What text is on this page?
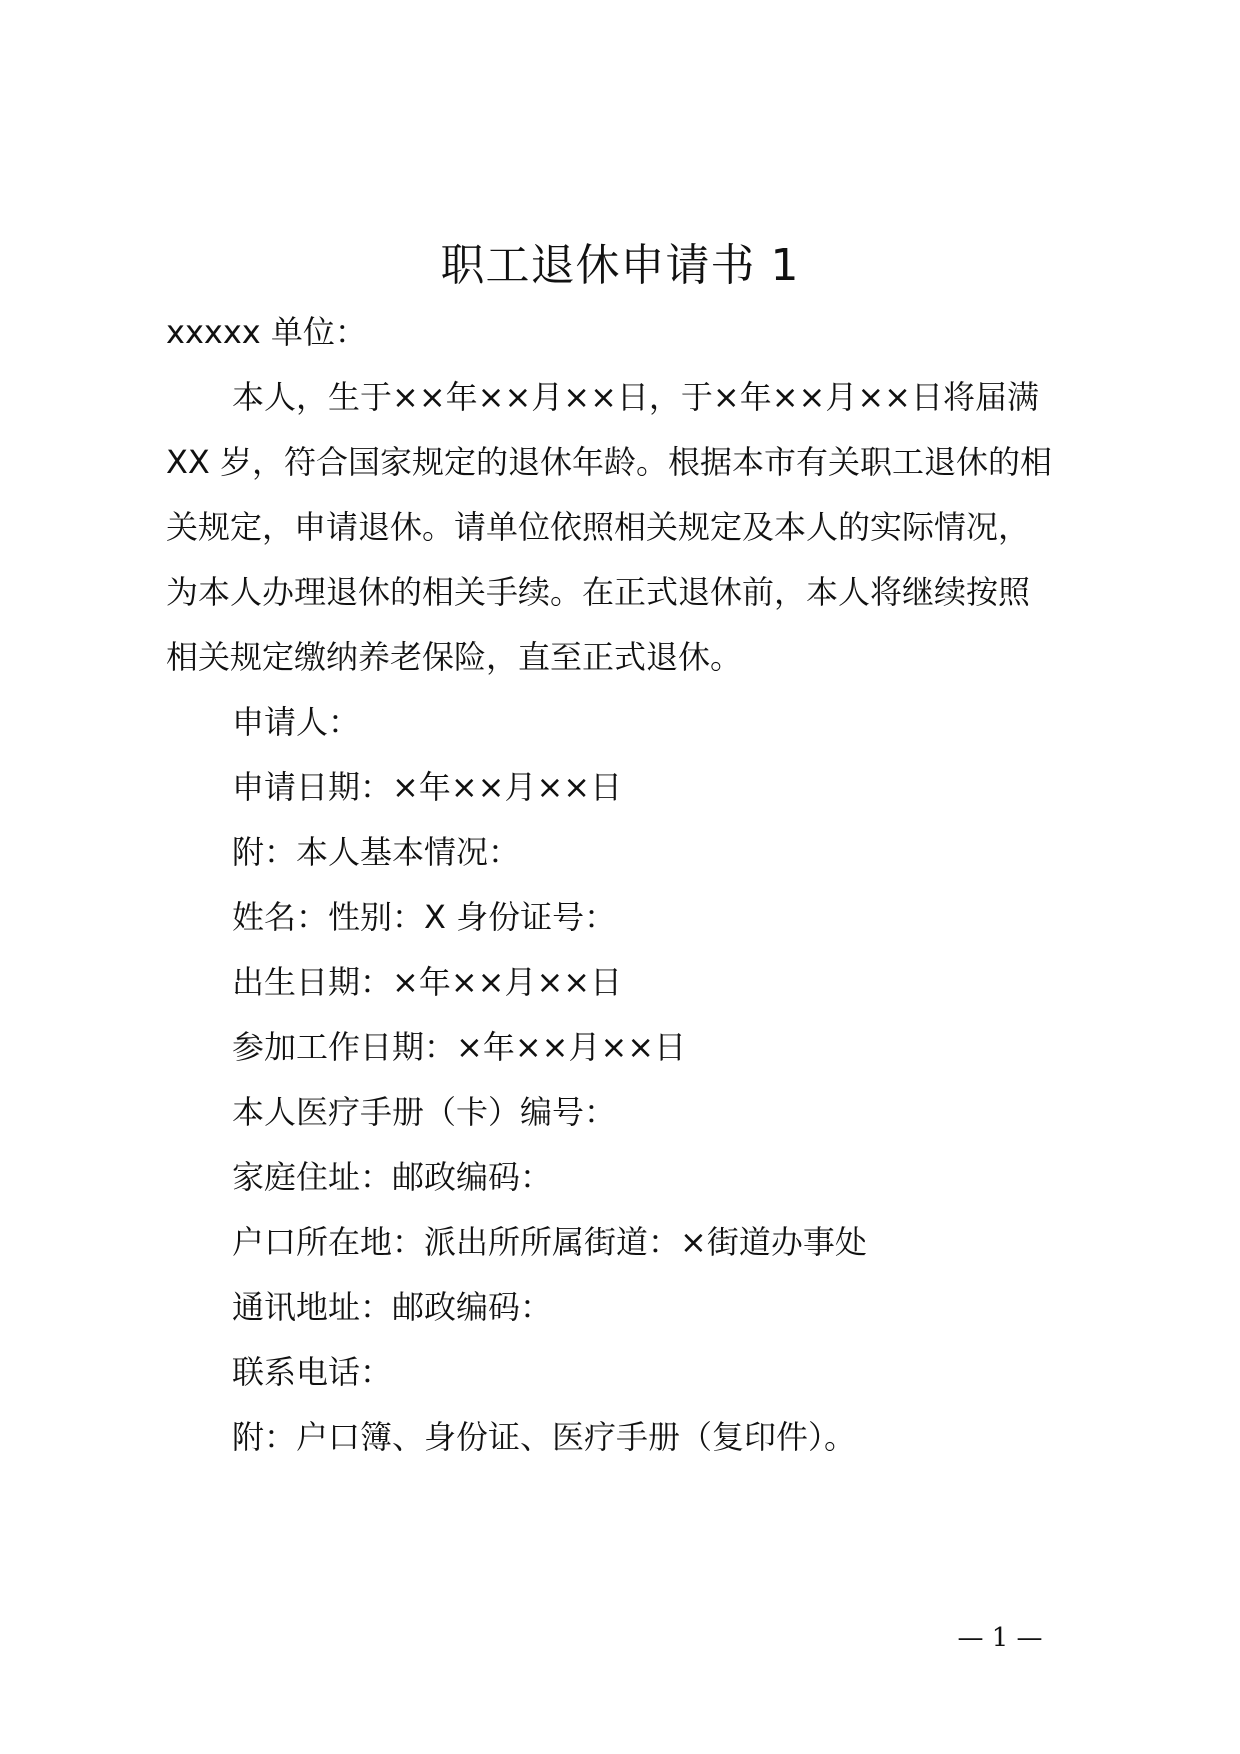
职工退休申请书 1
xxxxx 单位：
本人，生于××年××月××日，于×年××月××日将届满
XX 岁，符合国家规定的退休年龄。根据本市有关职工退休的相
关规定，申请退休。请单位依照相关规定及本人的实际情况，
为本人办理退休的相关手续。在正式退休前，本人将继续按照
相关规定缴纳养老保险，直至正式退休。
申请人：
申请日期：×年××月××日
附：本人基本情况：
姓名：性别：X 身份证号：
出生日期：×年××月××日
参加工作日期：×年××月××日
本人医疗手册（卡）编号：
家庭住址：邮政编码：
户口所在地：派出所所属街道：×街道办事处
通讯地址：邮政编码：
联系电话：
附：户口簿、身份证、医疗手册（复印件）。
— 1 —
